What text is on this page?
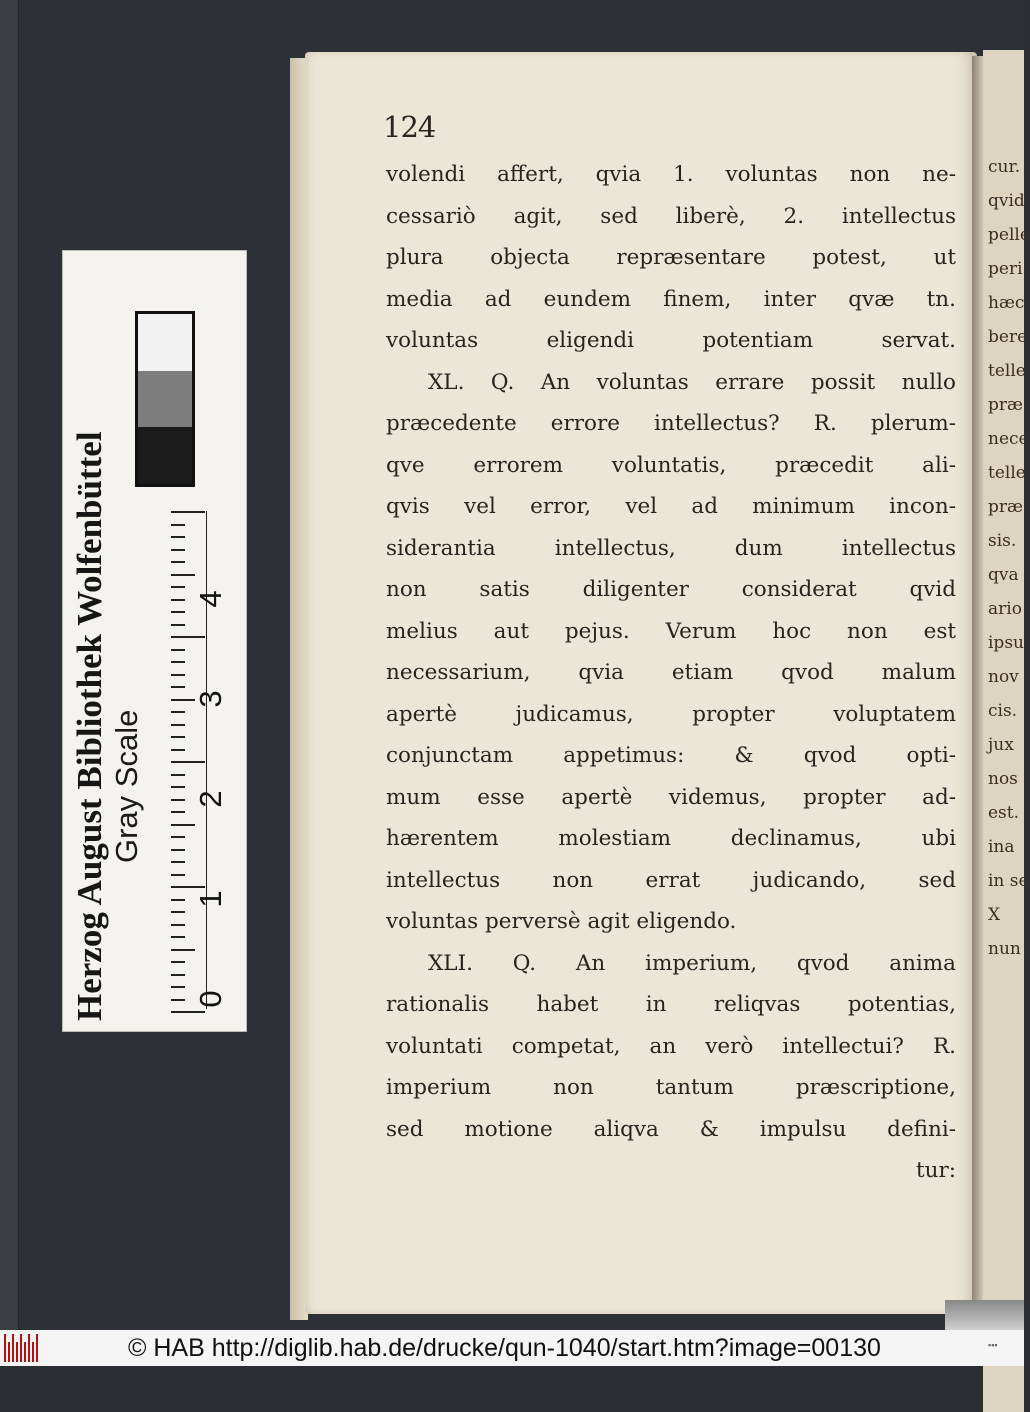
Herzog August Bibliothek Wolfenbüttel Gray Scale
0
1
2
3
4
cur.
qvid
pelle
peri
hæc
bere
telle
præ
nece
telle
præ
sis.
qva
ario
ipsu
nov
cis.
jux
nos
est.
ina
in se
X
nun
124
volendi affert, qvia 1. voluntas non ne-
cessariò agit, sed liberè, 2. intellectus
plura objecta repræsentare potest, ut
media ad eundem finem, inter qvæ tn.
voluntas eligendi potentiam servat.
XL. Q. An voluntas errare possit nullo
præcedente errore intellectus? R. plerum-
qve errorem voluntatis, præcedit ali-
qvis vel error, vel ad minimum incon-
siderantia intellectus, dum intellectus
non satis diligenter considerat qvid
melius aut pejus. Verum hoc non est
necessarium, qvia etiam qvod malum
apertè judicamus, propter voluptatem
conjunctam appetimus: & qvod opti-
mum esse apertè videmus, propter ad-
hærentem molestiam declinamus, ubi
intellectus non errat judicando, sed
voluntas perversè agit eligendo.
XLI. Q. An imperium, qvod anima
rationalis habet in reliqvas potentias,
voluntati competat, an verò intellectui? R.
imperium non tantum præscriptione,
sed motione aliqva & impulsu defini-
tur:
© HAB http://diglib.hab.de/drucke/qun-1040/start.htm?image=00130	▪▪▪
